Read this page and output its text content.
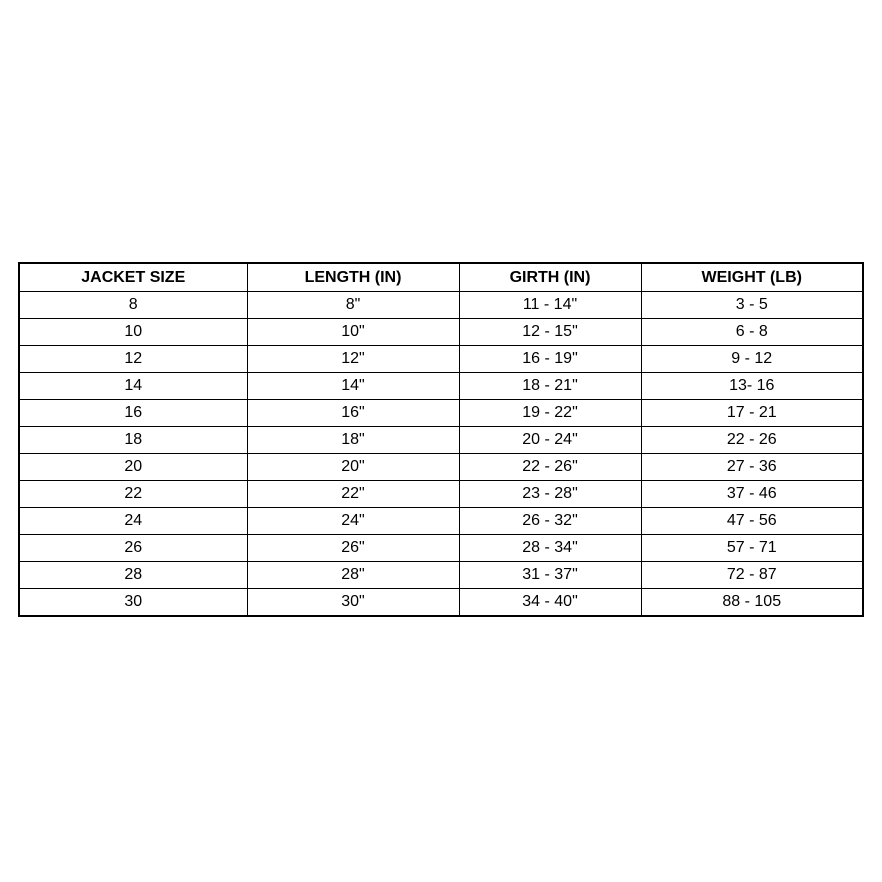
JACKET SIZE	LENGTH (IN)	GIRTH (IN)	WEIGHT (LB)
8	8"	11 - 14"	3 - 5
10	10"	12 - 15"	6 - 8
12	12"	16 - 19"	9 - 12
14	14"	18 - 21"	13- 16
16	16"	19 - 22"	17 - 21
18	18"	20 - 24"	22 - 26
20	20"	22 - 26"	27 - 36
22	22"	23 - 28"	37 - 46
24	24"	26 - 32"	47 - 56
26	26"	28 - 34"	57 - 71
28	28"	31 - 37"	72 - 87
30	30"	34 - 40"	88 - 105
